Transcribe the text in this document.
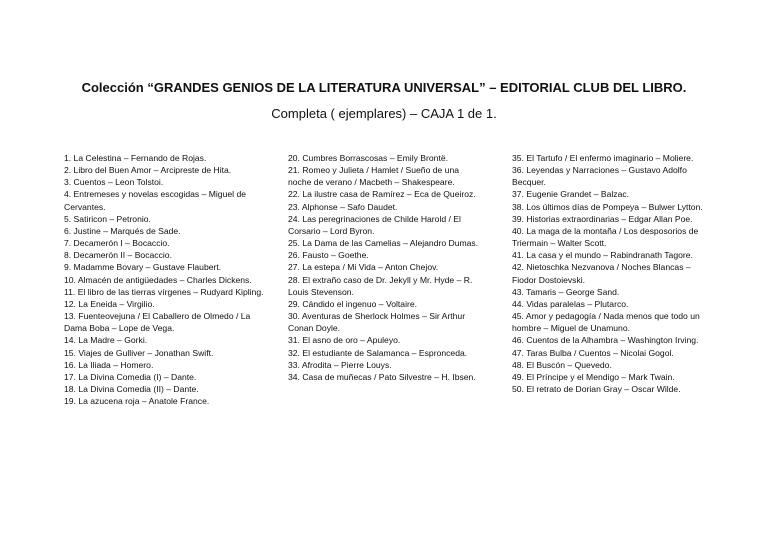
Colección “GRANDES GENIOS DE LA LITERATURA UNIVERSAL” – EDITORIAL CLUB DEL LIBRO.
Completa ( ejemplares) – CAJA 1 de 1.
1. La Celestina – Fernando de Rojas.
2. Libro del Buen Amor – Arcipreste de Hita.
3. Cuentos – Leon Tolstoi.
4. Entremeses y novelas escogidas – Miguel de Cervantes.
5. Satiricon – Petronio.
6. Justine – Marqués de Sade.
7. Decamerón I – Bocaccio.
8. Decamerón II – Bocaccio.
9. Madamme Bovary – Gustave Flaubert.
10. Almacén de antigüedades – Charles Dickens.
11. El libro de las tierras vírgenes – Rudyard Kipling.
12. La Eneida – Virgilio.
13. Fuenteovejuna / El Caballero de Olmedo / La Dama Boba – Lope de Vega.
14. La Madre – Gorki.
15. Viajes de Gulliver – Jonathan Swift.
16. La Iliada – Homero.
17. La Divina Comedia (I) – Dante.
18. La Divina Comedia (II) – Dante.
19. La azucena roja – Anatole France.
20. Cumbres Borrascosas – Emily Brontë.
21. Romeo y Julieta / Hamlet / Sueño de una noche de verano / Macbeth – Shakespeare.
22. La ilustre casa de Ramírez – Eca de Queiroz.
23. Alphonse – Safo Daudet.
24. Las peregrinaciones de Childe Harold / El Corsario – Lord Byron.
25. La Dama de las Camelias – Alejandro Dumas.
26. Fausto – Goethe.
27. La estepa / Mi Vida – Anton Chejov.
28. El extraño caso de Dr. Jekyll y Mr. Hyde – R. Louis Stevenson.
29. Cándido el ingenuo – Voltaire.
30. Aventuras de Sherlock Holmes – Sir Arthur Conan Doyle.
31. El asno de oro – Apuleyo.
32. El estudiante de Salamanca – Espronceda.
33. Afrodita – Pierre Louys.
34. Casa de muñecas / Pato Silvestre – H. Ibsen.
35. El Tartufo / El enfermo imaginario – Moliere.
36. Leyendas y Narraciones – Gustavo Adolfo Becquer.
37. Eugenie Grandet – Balzac.
38. Los últimos días de Pompeya – Bulwer Lytton.
39. Historias extraordinarias – Edgar Allan Poe.
40. La maga de la montaña / Los desposorios de Triermain – Walter Scott.
41. La casa y el mundo – Rabindranath Tagore.
42. Nietoschka Nezvanova / Noches Blancas – Fiodor Dostoievski.
43. Tamaris – George Sand.
44. Vidas paralelas – Plutarco.
45. Amor y pedagogía / Nada menos que todo un hombre – Miguel de Unamuno.
46. Cuentos de la Alhambra – Washington Irving.
47. Taras Bulba / Cuentos – Nicolai Gogol.
48. El Buscón – Quevedo.
49. El Príncipe y el Mendigo – Mark Twain.
50. El retrato de Dorian Gray – Oscar Wilde.
